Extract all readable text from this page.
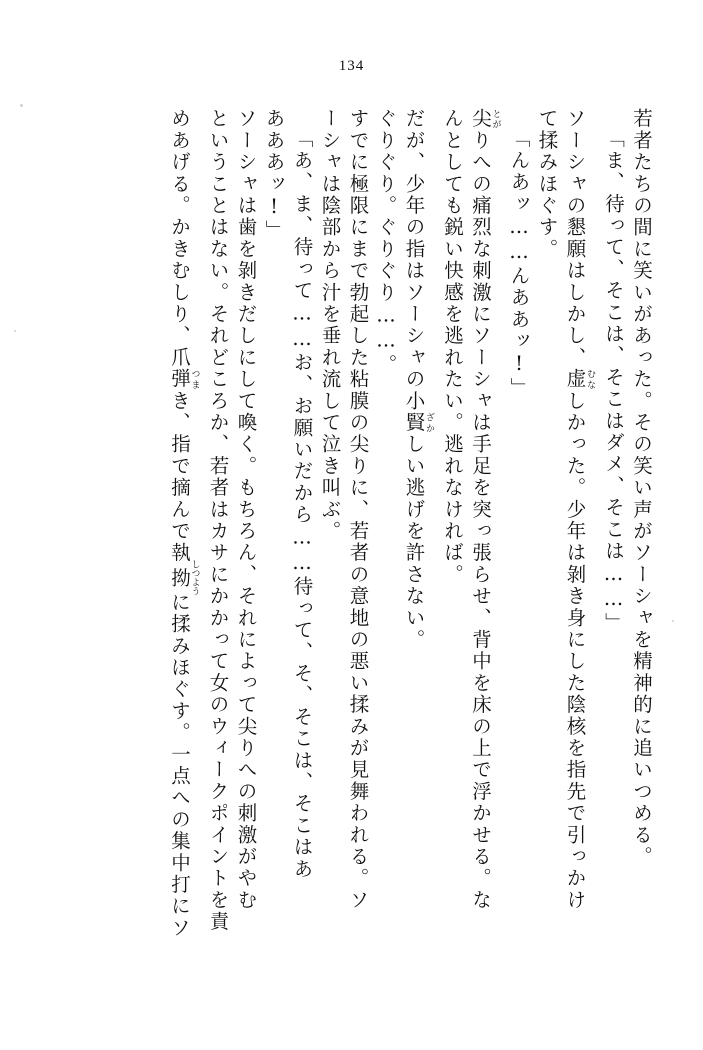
134
若者たちの間に笑いがあった。その笑い声がソーシャを精神的に追いつめる。
「ま、待って、そこは、そこはダメ、そこは……」
ソーシャの懇願はしかし、虚むなしかった。少年は剝き身にした陰核を指先で引っかけ
て揉みほぐす。
「んあッ……んああッ!」
尖とがりへの痛烈な刺激にソーシャは手足を突っ張らせ、背中を床の上で浮かせる。な
んとしても鋭い快感を逃れたい。逃れなければ。
だが、少年の指はソーシャの小賢ざかしい逃げを許さない。
ぐりぐり。ぐりぐり……。
すでに極限にまで勃起した粘膜の尖りに、若者の意地の悪い揉みが見舞われる。ソ
ーシャは陰部から汁を垂れ流して泣き叫ぶ。
「あ、ま、待って……お、お願いだから……待って、そ、そこは、そこはあ
あああッ!」
ソーシャは歯を剝きだしにして喚く。もちろん、それによって尖りへの刺激がやむ
ということはない。それどころか、若者はカサにかかって女のウィークポイントを責
めあげる。かきむしり、爪弾つまき、指で摘んで執拗しつように揉みほぐす。一点への集中打にソ
